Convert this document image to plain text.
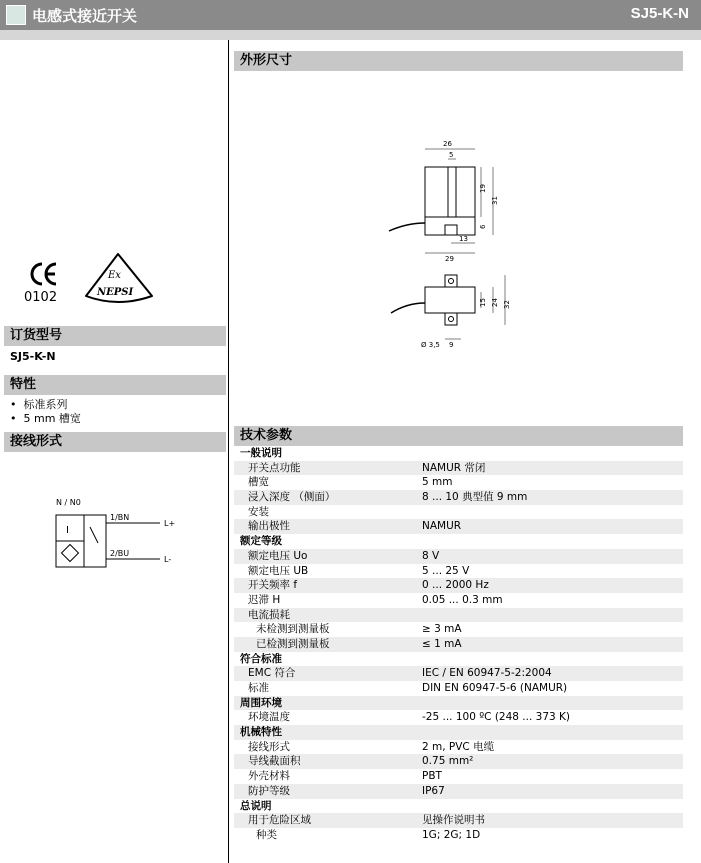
电感式接近开关	SJ5-K-N
0102
Ex
NEPSI
订货型号
SJ5-K-N
特性
•  标准系列
•  5 mm 槽宽
接线形式
N / N0
I
1/BN
2/BU
L+
L-
外形尺寸
26
5
19
31
6
13
29
15 24 32
Ø 3,5 9
技术参数
一般说明
开关点功能	NAMUR 常闭
槽宽	5 mm
浸入深度 （侧面）	8 ... 10 典型值 9 mm
安装
输出极性	NAMUR
额定等级
额定电压 Uo	8 V
额定电压 UB	5 ... 25 V
开关频率 f	0 ... 2000 Hz
迟滞 H	0.05 ... 0.3 mm
电流损耗
未检测到测量板	≥ 3 mA
已检测到测量板	≤ 1 mA
符合标准
EMC 符合	IEC / EN 60947-5-2:2004
标准	DIN EN 60947-5-6 (NAMUR)
周围环境
环境温度	-25 ... 100 ºC (248 ... 373 K)
机械特性
接线形式	2 m, PVC 电缆
导线截面积	0.75 mm²
外壳材料	PBT
防护等级	IP67
总说明
用于危险区域	见操作说明书
种类	1G; 2G; 1D
